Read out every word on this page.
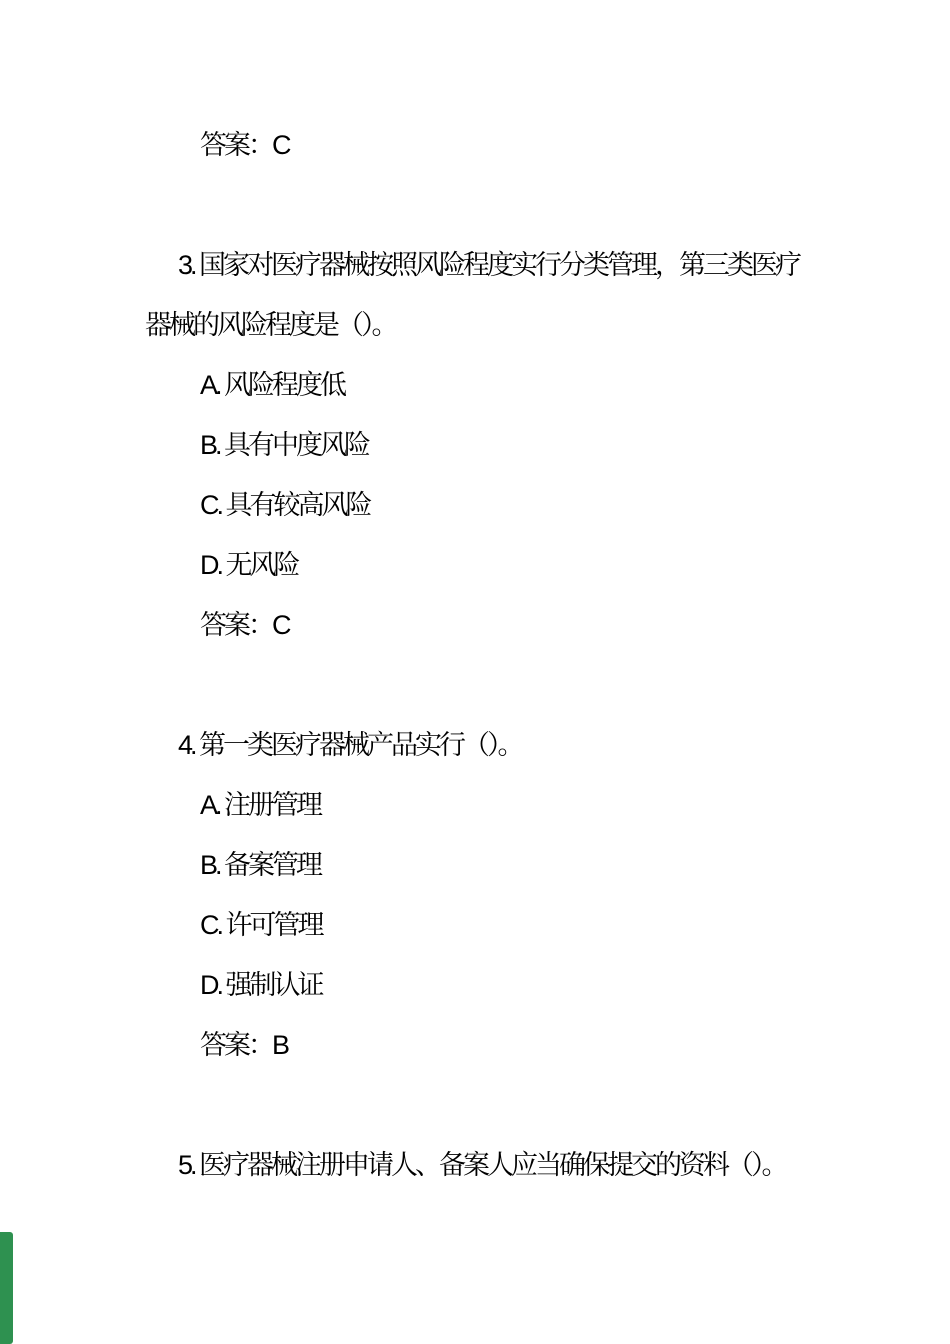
答案：C
3. 国家对医疗器械按照风险程度实行分类管理，第三类医疗
器械的风险程度是（）。
A. 风险程度低
B. 具有中度风险
C. 具有较高风险
D. 无风险
答案：C
4. 第一类医疗器械产品实行（）。
A. 注册管理
B. 备案管理
C. 许可管理
D. 强制认证
答案：B
5. 医疗器械注册申请人、备案人应当确保提交的资料（）。
